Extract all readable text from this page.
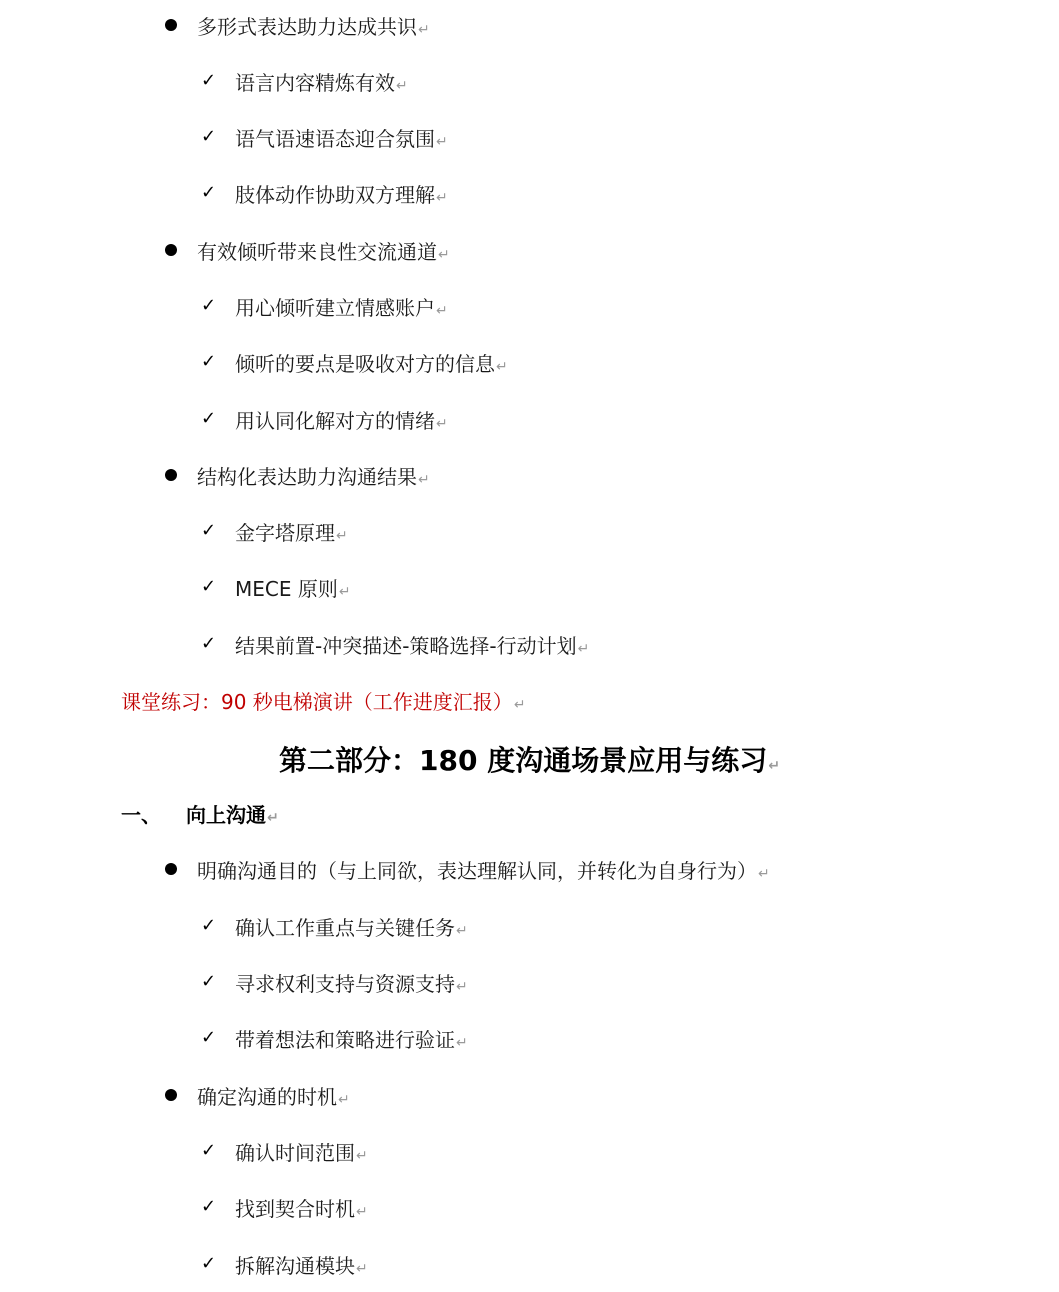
多形式表达助力达成共识↵
✓ 语言内容精炼有效↵
✓ 语气语速语态迎合氛围↵
✓ 肢体动作协助双方理解↵
有效倾听带来良性交流通道↵
✓ 用心倾听建立情感账户↵
✓ 倾听的要点是吸收对方的信息↵
✓ 用认同化解对方的情绪↵
结构化表达助力沟通结果↵
✓ 金字塔原理↵
✓ MECE 原则↵
✓ 结果前置-冲突描述-策略选择-行动计划↵
课堂练习：90 秒电梯演讲（工作进度汇报）↵
第二部分：180 度沟通场景应用与练习↵
一、 向上沟通↵
明确沟通目的（与上同欲，表达理解认同，并转化为自身行为）↵
✓ 确认工作重点与关键任务↵
✓ 寻求权利支持与资源支持↵
✓ 带着想法和策略进行验证↵
确定沟通的时机↵
✓ 确认时间范围↵
✓ 找到契合时机↵
✓ 拆解沟通模块↵
